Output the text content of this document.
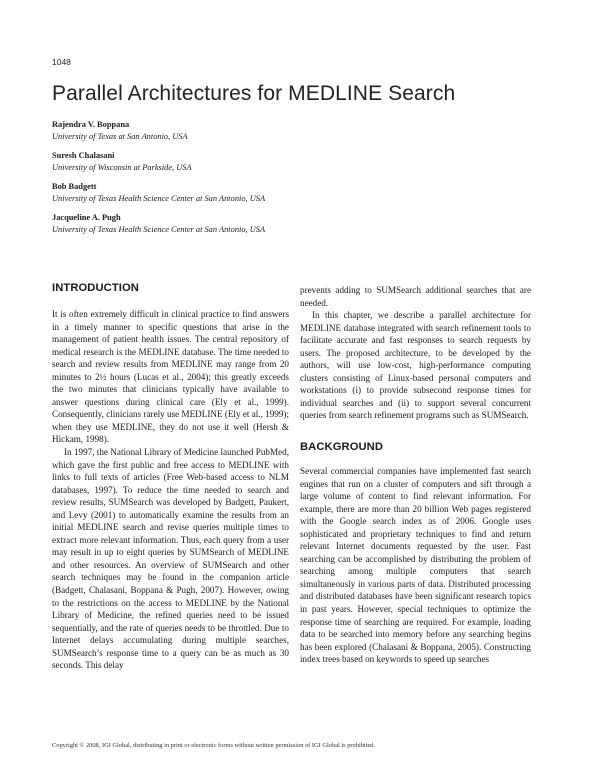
1048
Parallel Architectures for MEDLINE Search
Rajendra V. Boppana
University of Texas at San Antonio, USA
Suresh Chalasani
University of Wisconsin at Parkside, USA
Bob Badgett
University of Texas Health Science Center at San Antonio, USA
Jacqueline A. Pugh
University of Texas Health Science Center at San Antonio, USA
INTRODUCTION

It is often extremely difficult in clinical practice to find answers in a timely manner to specific questions that arise in the management of patient health issues. The central repository of medical research is the MEDLINE database. The time needed to search and review results from MEDLINE may range from 20 minutes to 2½ hours (Lucas et al., 2004); this greatly exceeds the two minutes that clinicians typically have available to answer questions during clinical care (Ely et al., 1999). Consequently, clinicians rarely use MEDLINE (Ely et al., 1999); when they use MEDLINE, they do not use it well (Hersh & Hickam, 1998).

In 1997, the National Library of Medicine launched PubMed, which gave the first public and free access to MEDLINE with links to full texts of articles (Free Web-based access to NLM databases, 1997). To reduce the time needed to search and review results, SUMSearch was developed by Badgett, Paukert, and Levy (2001) to automatically examine the results from an initial MEDLINE search and revise queries multiple times to extract more relevant information. Thus, each query from a user may result in up to eight queries by SUMSearch of MEDLINE and other resources. An overview of SUMSearch and other search techniques may be found in the companion article (Badgett, Chalasani, Boppana & Pugh, 2007). However, owing to the restrictions on the access to MEDLINE by the National Library of Medicine, the refined queries need to be issued sequentially, and the rate of queries needs to be throttled. Due to Internet delays accumulating during multiple searches, SUMSearch’s response time to a query can be as much as 30 seconds. This delay

prevents adding to SUMSearch additional searches that are needed.

In this chapter, we describe a parallel architecture for MEDLINE database integrated with search refinement tools to facilitate accurate and fast responses to search requests by users. The proposed architecture, to be developed by the authors, will use low-cost, high-performance computing clusters consisting of Linux-based personal computers and workstations (i) to provide subsecond response times for individual searches and (ii) to support several concurrent queries from search refinement programs such as SUMSearch.

BACKGROUND

Several commercial companies have implemented fast search engines that run on a cluster of computers and sift through a large volume of content to find relevant information. For example, there are more than 20 billion Web pages registered with the Google search index as of 2006. Google uses sophisticated and proprietary techniques to find and return relevant Internet documents requested by the user. Fast searching can be accomplished by distributing the problem of searching among multiple computers that search simultaneously in various parts of data. Distributed processing and distributed databases have been significant research topics in past years. However, special techniques to optimize the response time of searching are required. For example, loading data to be searched into memory before any searching begins has been explored (Chalasani & Boppana, 2005). Constructing index trees based on keywords to speed up searches

Copyright © 2008, IGI Global, distributing in print or electronic forms without written permission of IGI Global is prohibited.
